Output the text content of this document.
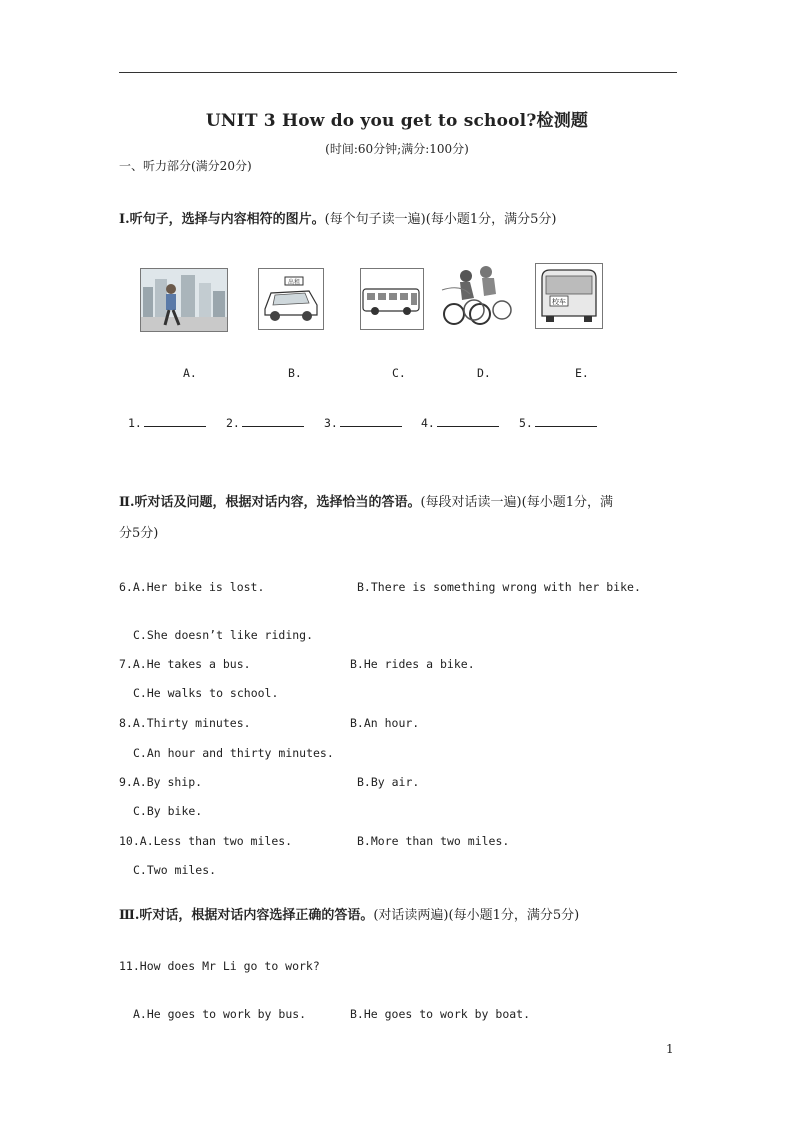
UNIT 3 How do you get to school?检测题
(时间:60分钟;满分:100分)
一、听力部分(满分20分)
Ⅰ.听句子，选择与内容相符的图片。(每个句子读一遍)(每小题1分，满分5分)
出租
校车
A.	B.	C.	D.	E.
1.	2.	3.	4.	5.
Ⅱ.听对话及问题，根据对话内容，选择恰当的答语。(每段对话读一遍)(每小题1分，满
分5分)
6.A.Her bike is lost.	B.There is something wrong with her bike.
C.She doesn’t like riding.
7.A.He takes a bus.	B.He rides a bike.
C.He walks to school.
8.A.Thirty minutes.	B.An hour.
C.An hour and thirty minutes.
9.A.By ship.	B.By air.
C.By bike.
10.A.Less than two miles.	B.More than two miles.
C.Two miles.
Ⅲ.听对话，根据对话内容选择正确的答语。(对话读两遍)(每小题1分，满分5分)
11.How does Mr Li go to work?
A.He goes to work by bus.	B.He goes to work by boat.
1
